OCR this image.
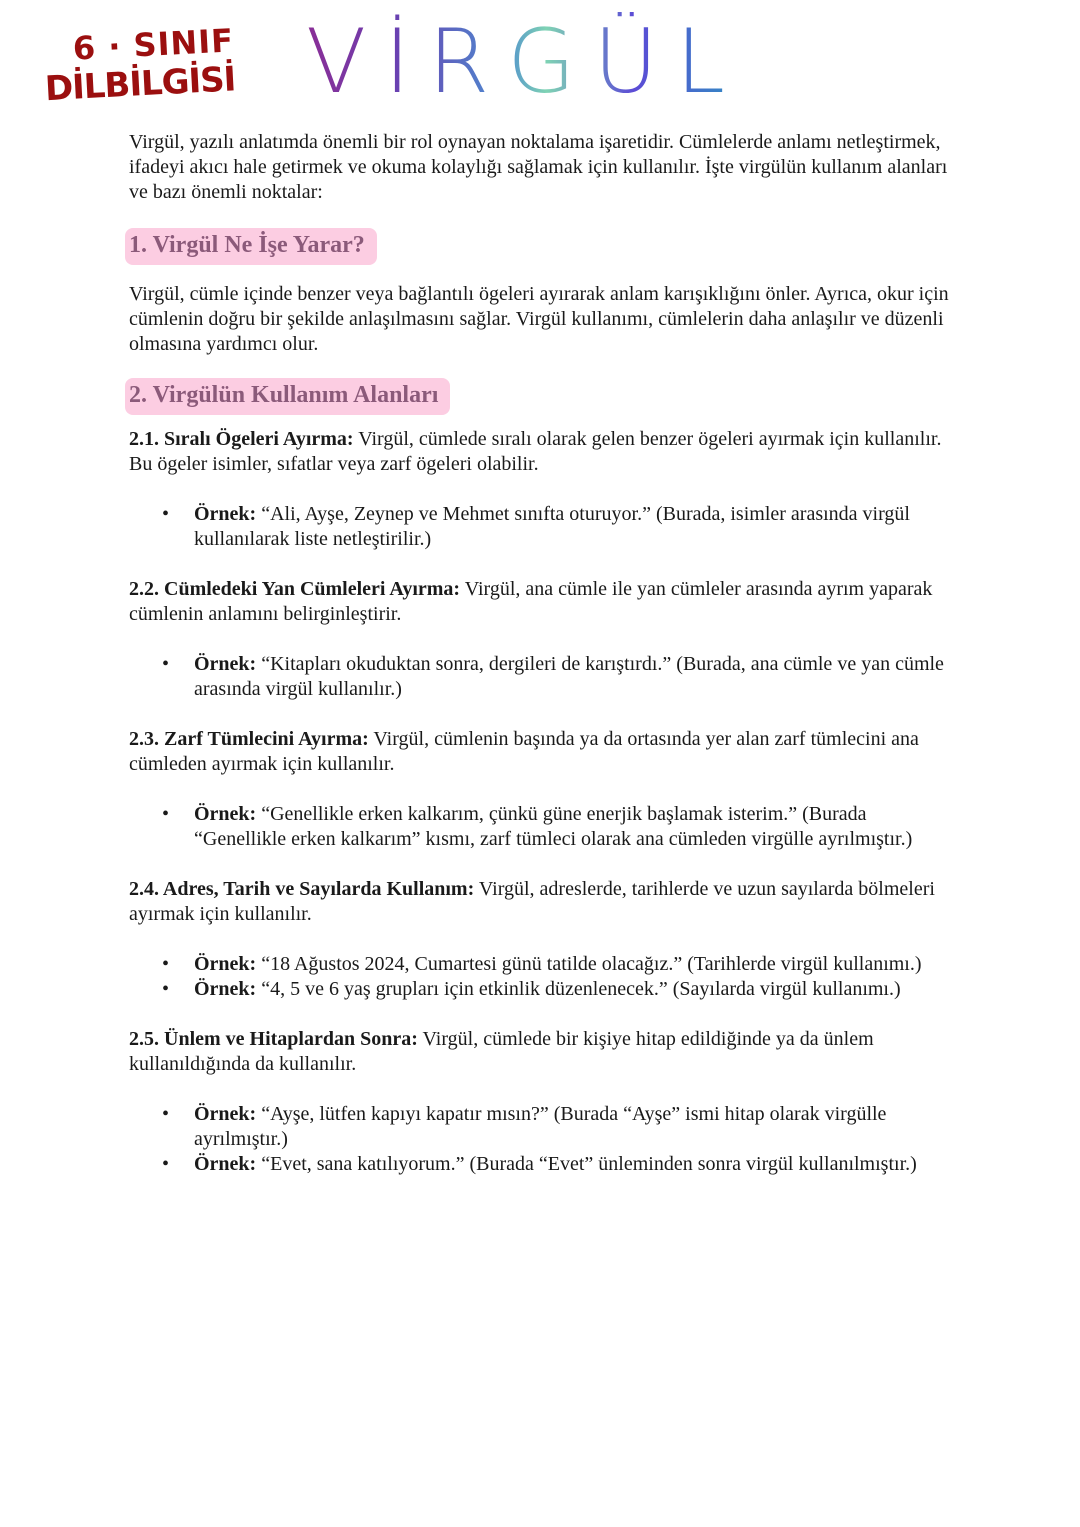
6 · SINIF
DİLBİLGİSİ VİRGÜL

Virgül, yazılı anlatımda önemli bir rol oynayan noktalama işaretidir. Cümlelerde anlamı netleştirmek, ifadeyi akıcı hale getirmek ve okuma kolaylığı sağlamak için kullanılır. İşte virgülün kullanım alanları ve bazı önemli noktalar:

1. Virgül Ne İşe Yarar?

Virgül, cümle içinde benzer veya bağlantılı ögeleri ayırarak anlam karışıklığını önler. Ayrıca, okur için cümlenin doğru bir şekilde anlaşılmasını sağlar. Virgül kullanımı, cümlelerin daha anlaşılır ve düzenli olmasına yardımcı olur.

2. Virgülün Kullanım Alanları

2.1. Sıralı Ögeleri Ayırma: Virgül, cümlede sıralı olarak gelen benzer ögeleri ayırmak için kullanılır. Bu ögeler isimler, sıfatlar veya zarf ögeleri olabilir.

• Örnek: “Ali, Ayşe, Zeynep ve Mehmet sınıfta oturuyor.” (Burada, isimler arasında virgül kullanılarak liste netleştirilir.)

2.2. Cümledeki Yan Cümleleri Ayırma: Virgül, ana cümle ile yan cümleler arasında ayrım yaparak cümlenin anlamını belirginleştirir.

• Örnek: “Kitapları okuduktan sonra, dergileri de karıştırdı.” (Burada, ana cümle ve yan cümle arasında virgül kullanılır.)

2.3. Zarf Tümlecini Ayırma: Virgül, cümlenin başında ya da ortasında yer alan zarf tümlecini ana cümleden ayırmak için kullanılır.

• Örnek: “Genellikle erken kalkarım, çünkü güne enerjik başlamak isterim.” (Burada “Genellikle erken kalkarım” kısmı, zarf tümleci olarak ana cümleden virgülle ayrılmıştır.)

2.4. Adres, Tarih ve Sayılarda Kullanım: Virgül, adreslerde, tarihlerde ve uzun sayılarda bölmeleri ayırmak için kullanılır.

• Örnek: “18 Ağustos 2024, Cumartesi günü tatilde olacağız.” (Tarihlerde virgül kullanımı.)
• Örnek: “4, 5 ve 6 yaş grupları için etkinlik düzenlenecek.” (Sayılarda virgül kullanımı.)

2.5. Ünlem ve Hitaplardan Sonra: Virgül, cümlede bir kişiye hitap edildiğinde ya da ünlem kullanıldığında da kullanılır.

• Örnek: “Ayşe, lütfen kapıyı kapatır mısın?” (Burada “Ayşe” ismi hitap olarak virgülle ayrılmıştır.)
• Örnek: “Evet, sana katılıyorum.” (Burada “Evet” ünleminden sonra virgül kullanılmıştır.)
